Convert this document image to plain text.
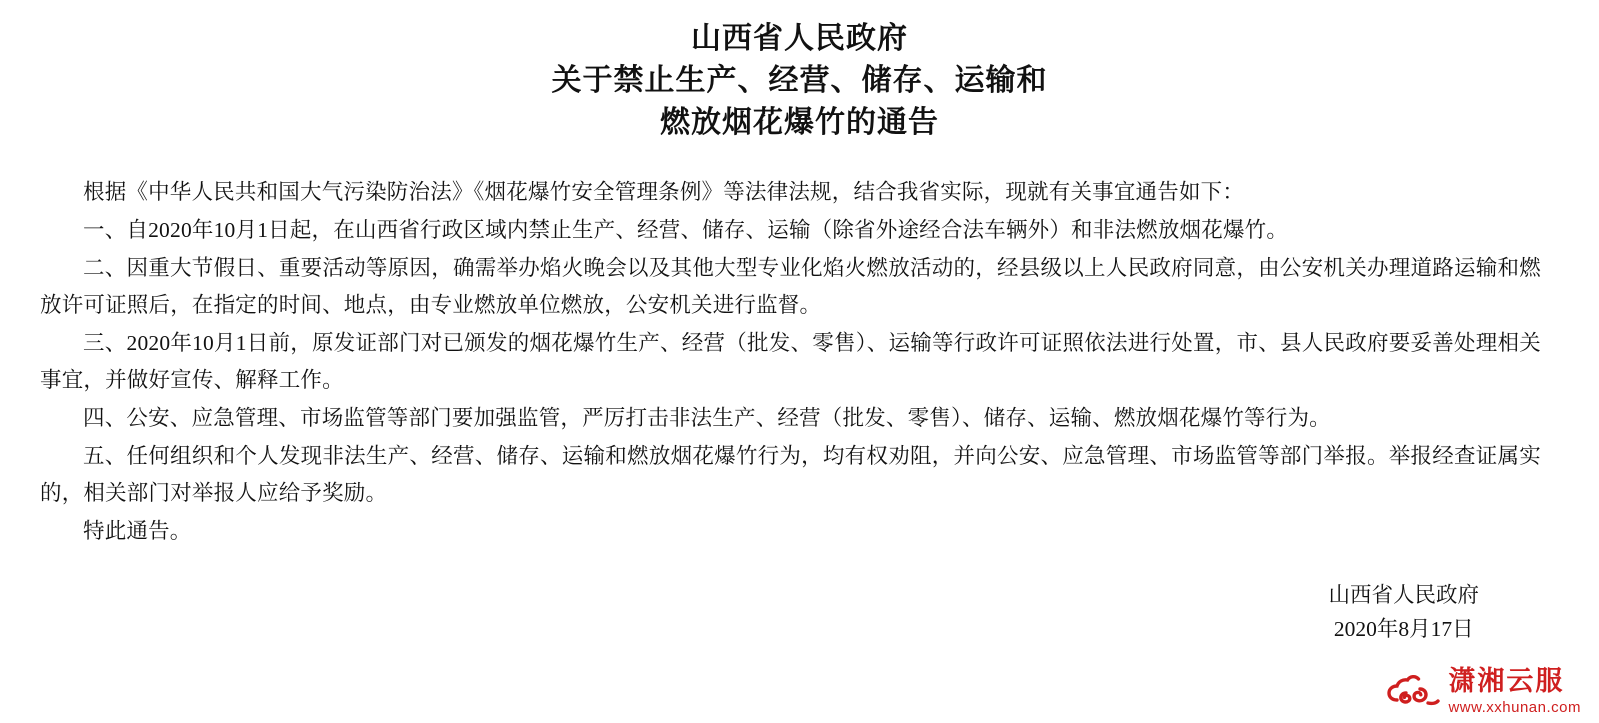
山西省人民政府
关于禁止生产、经营、储存、运输和
燃放烟花爆竹的通告

根据《中华人民共和国大气污染防治法》《烟花爆竹安全管理条例》等法律法规，结合我省实际，现就有关事宜通告如下：

一、自2020年10月1日起，在山西省行政区域内禁止生产、经营、储存、运输（除省外途经合法车辆外）和非法燃放烟花爆竹。

二、因重大节假日、重要活动等原因，确需举办焰火晚会以及其他大型专业化焰火燃放活动的，经县级以上人民政府同意，由公安机关办理道路运输和燃放许可证照后，在指定的时间、地点，由专业燃放单位燃放，公安机关进行监督。

三、2020年10月1日前，原发证部门对已颁发的烟花爆竹生产、经营（批发、零售）、运输等行政许可证照依法进行处置，市、县人民政府要妥善处理相关事宜，并做好宣传、解释工作。

四、公安、应急管理、市场监管等部门要加强监管，严厉打击非法生产、经营（批发、零售）、储存、运输、燃放烟花爆竹等行为。

五、任何组织和个人发现非法生产、经营、储存、运输和燃放烟花爆竹行为，均有权劝阻，并向公安、应急管理、市场监管等部门举报。举报经查证属实的，相关部门对举报人应给予奖励。

特此通告。

山西省人民政府
2020年8月17日
潇湘云服
www.xxhunan.com
